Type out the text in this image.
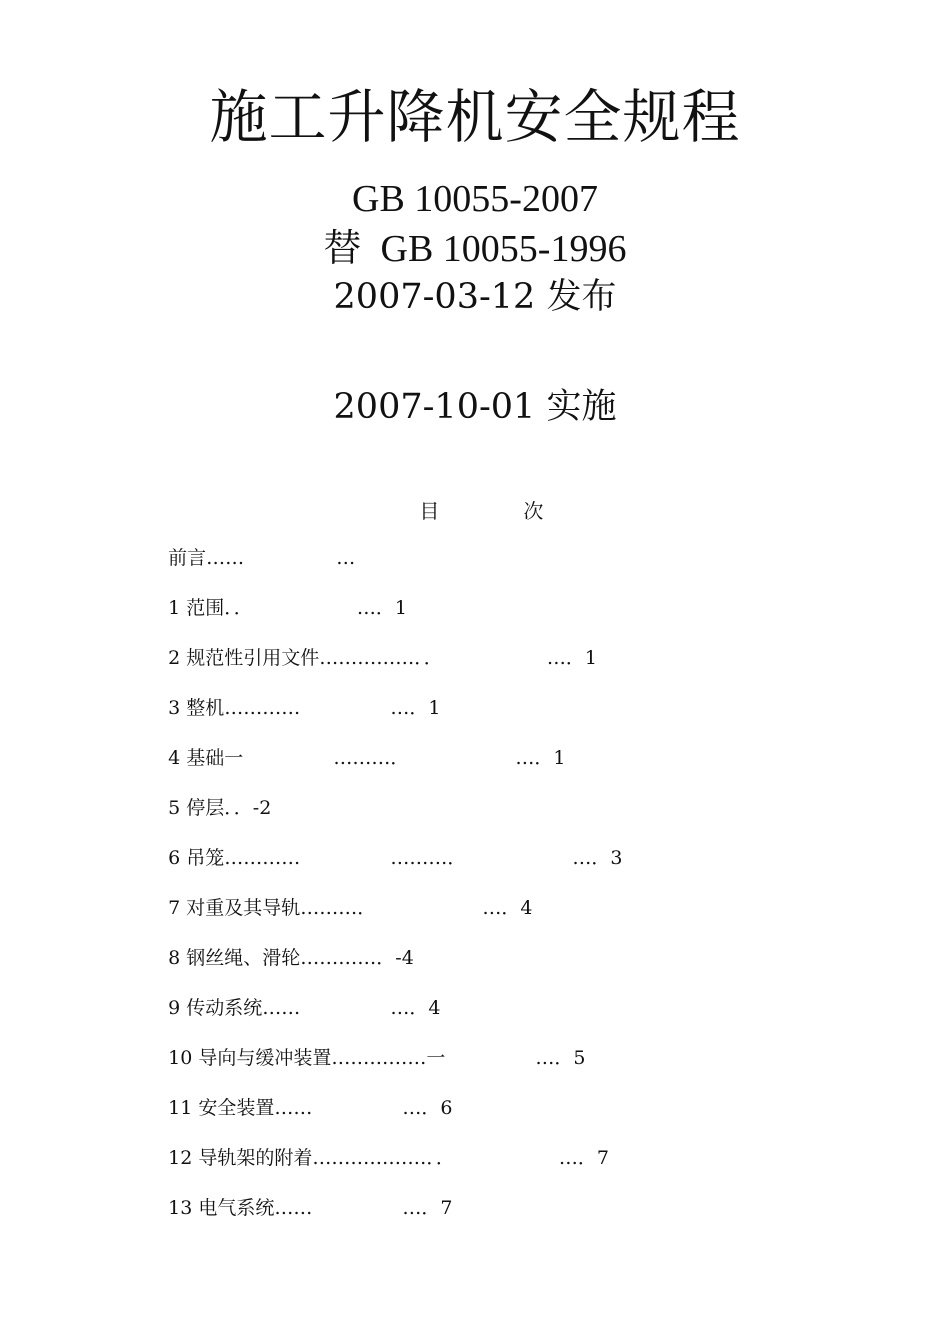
施工升降机安全规程
GB 10055-2007
替  GB 10055-1996
2007-03-12 发布
2007-10-01 实施

目	次

前言……	…

1 范围．．	…．1

2 规范性引用文件……………．．	…．1

3 整机…………	…．1

4 基础一	………．	…．1

5 停层．．-2

6 吊笼…………	………．	…．3

7 对重及其导轨………．	…．4

8 钢丝绳、滑轮…………．-4

9 传动系统……	…．4

10 导向与缓冲装置……………一	…．5

11 安全装置……	…．6

12 导轨架的附着………………．．	…．7

13 电气系统……	…．7
